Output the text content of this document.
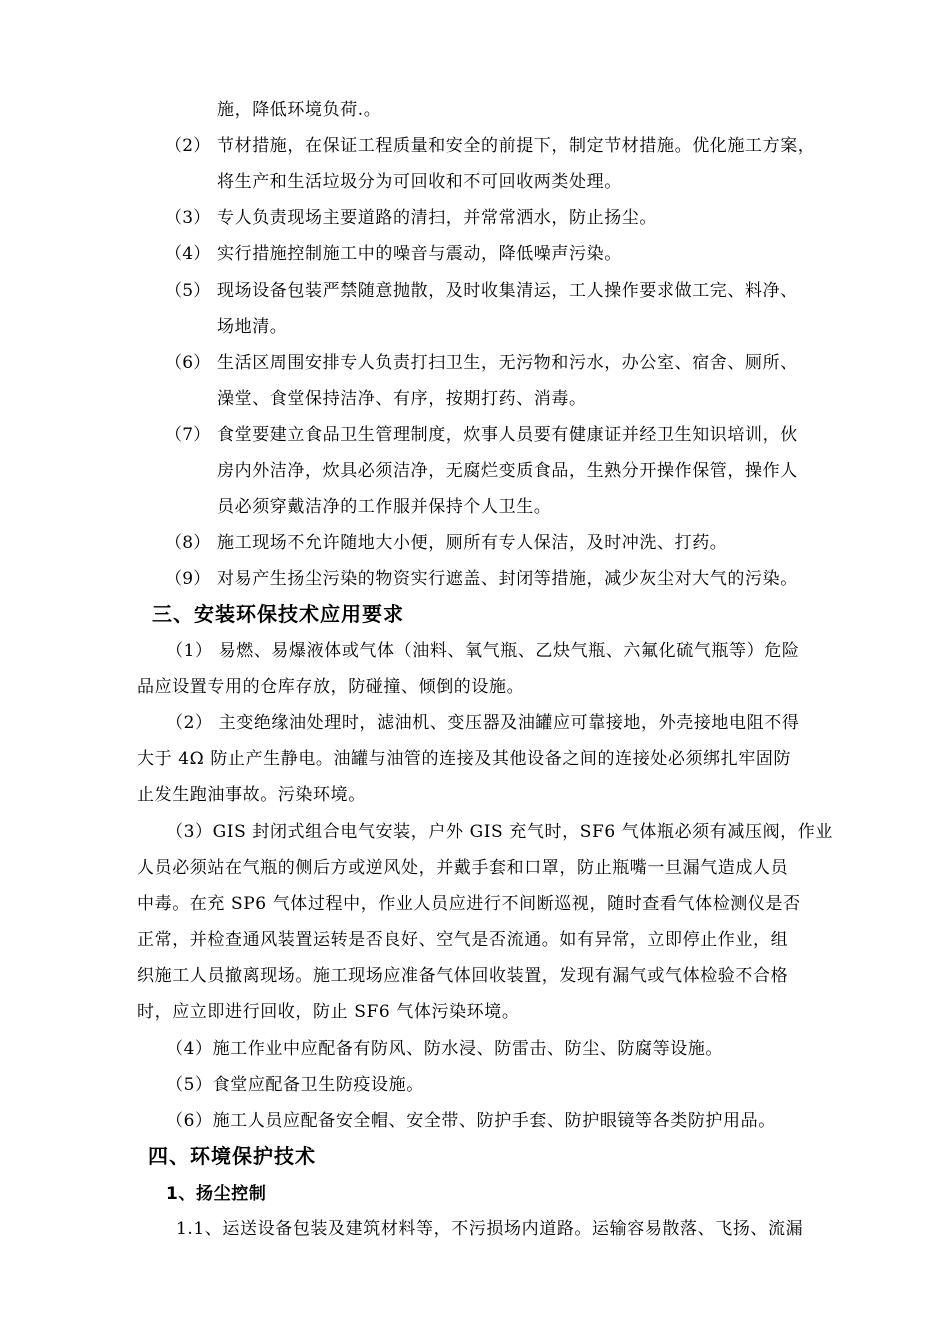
施，降低环境负荷.。
（2） 节材措施，在保证工程质量和安全的前提下，制定节材措施。优化施工方案，
将生产和生活垃圾分为可回收和不可回收两类处理。
（3） 专人负责现场主要道路的清扫，并常常洒水，防止扬尘。
（4） 实行措施控制施工中的噪音与震动，降低噪声污染。
（5） 现场设备包装严禁随意抛散，及时收集清运，工人操作要求做工完、料净、
场地清。
（6） 生活区周围安排专人负责打扫卫生，无污物和污水，办公室、宿舍、厕所、
澡堂、食堂保持洁净、有序，按期打药、消毒。
（7） 食堂要建立食品卫生管理制度，炊事人员要有健康证并经卫生知识培训，伙
房内外洁净，炊具必须洁净，无腐烂变质食品，生熟分开操作保管，操作人
员必须穿戴洁净的工作服并保持个人卫生。
（8） 施工现场不允许随地大小便，厕所有专人保洁，及时冲洗、打药。
（9） 对易产生扬尘污染的物资实行遮盖、封闭等措施，减少灰尘对大气的污染。
三、安装环保技术应用要求
（1） 易燃、易爆液体或气体（油料、氧气瓶、乙炔气瓶、六氟化硫气瓶等）危险
品应设置专用的仓库存放，防碰撞、倾倒的设施。
（2） 主变绝缘油处理时，滤油机、变压器及油罐应可靠接地，外壳接地电阻不得
大于 4Ω 防止产生静电。油罐与油管的连接及其他设备之间的连接处必须绑扎牢固防
止发生跑油事故。污染环境。
（3）GIS 封闭式组合电气安装，户外 GIS 充气时，SF6 气体瓶必须有减压阀，作业
人员必须站在气瓶的侧后方或逆风处，并戴手套和口罩，防止瓶嘴一旦漏气造成人员
中毒。在充 SP6 气体过程中，作业人员应进行不间断巡视，随时查看气体检测仪是否
正常，并检查通风装置运转是否良好、空气是否流通。如有异常，立即停止作业，组
织施工人员撤离现场。施工现场应准备气体回收装置，发现有漏气或气体检验不合格
时，应立即进行回收，防止 SF6 气体污染环境。
（4）施工作业中应配备有防风、防水浸、防雷击、防尘、防腐等设施。
（5）食堂应配备卫生防疫设施。
（6）施工人员应配备安全帽、安全带、防护手套、防护眼镜等各类防护用品。
四、环境保护技术
1、扬尘控制
1.1、运送设备包装及建筑材料等，不污损场内道路。运输容易散落、飞扬、流漏
